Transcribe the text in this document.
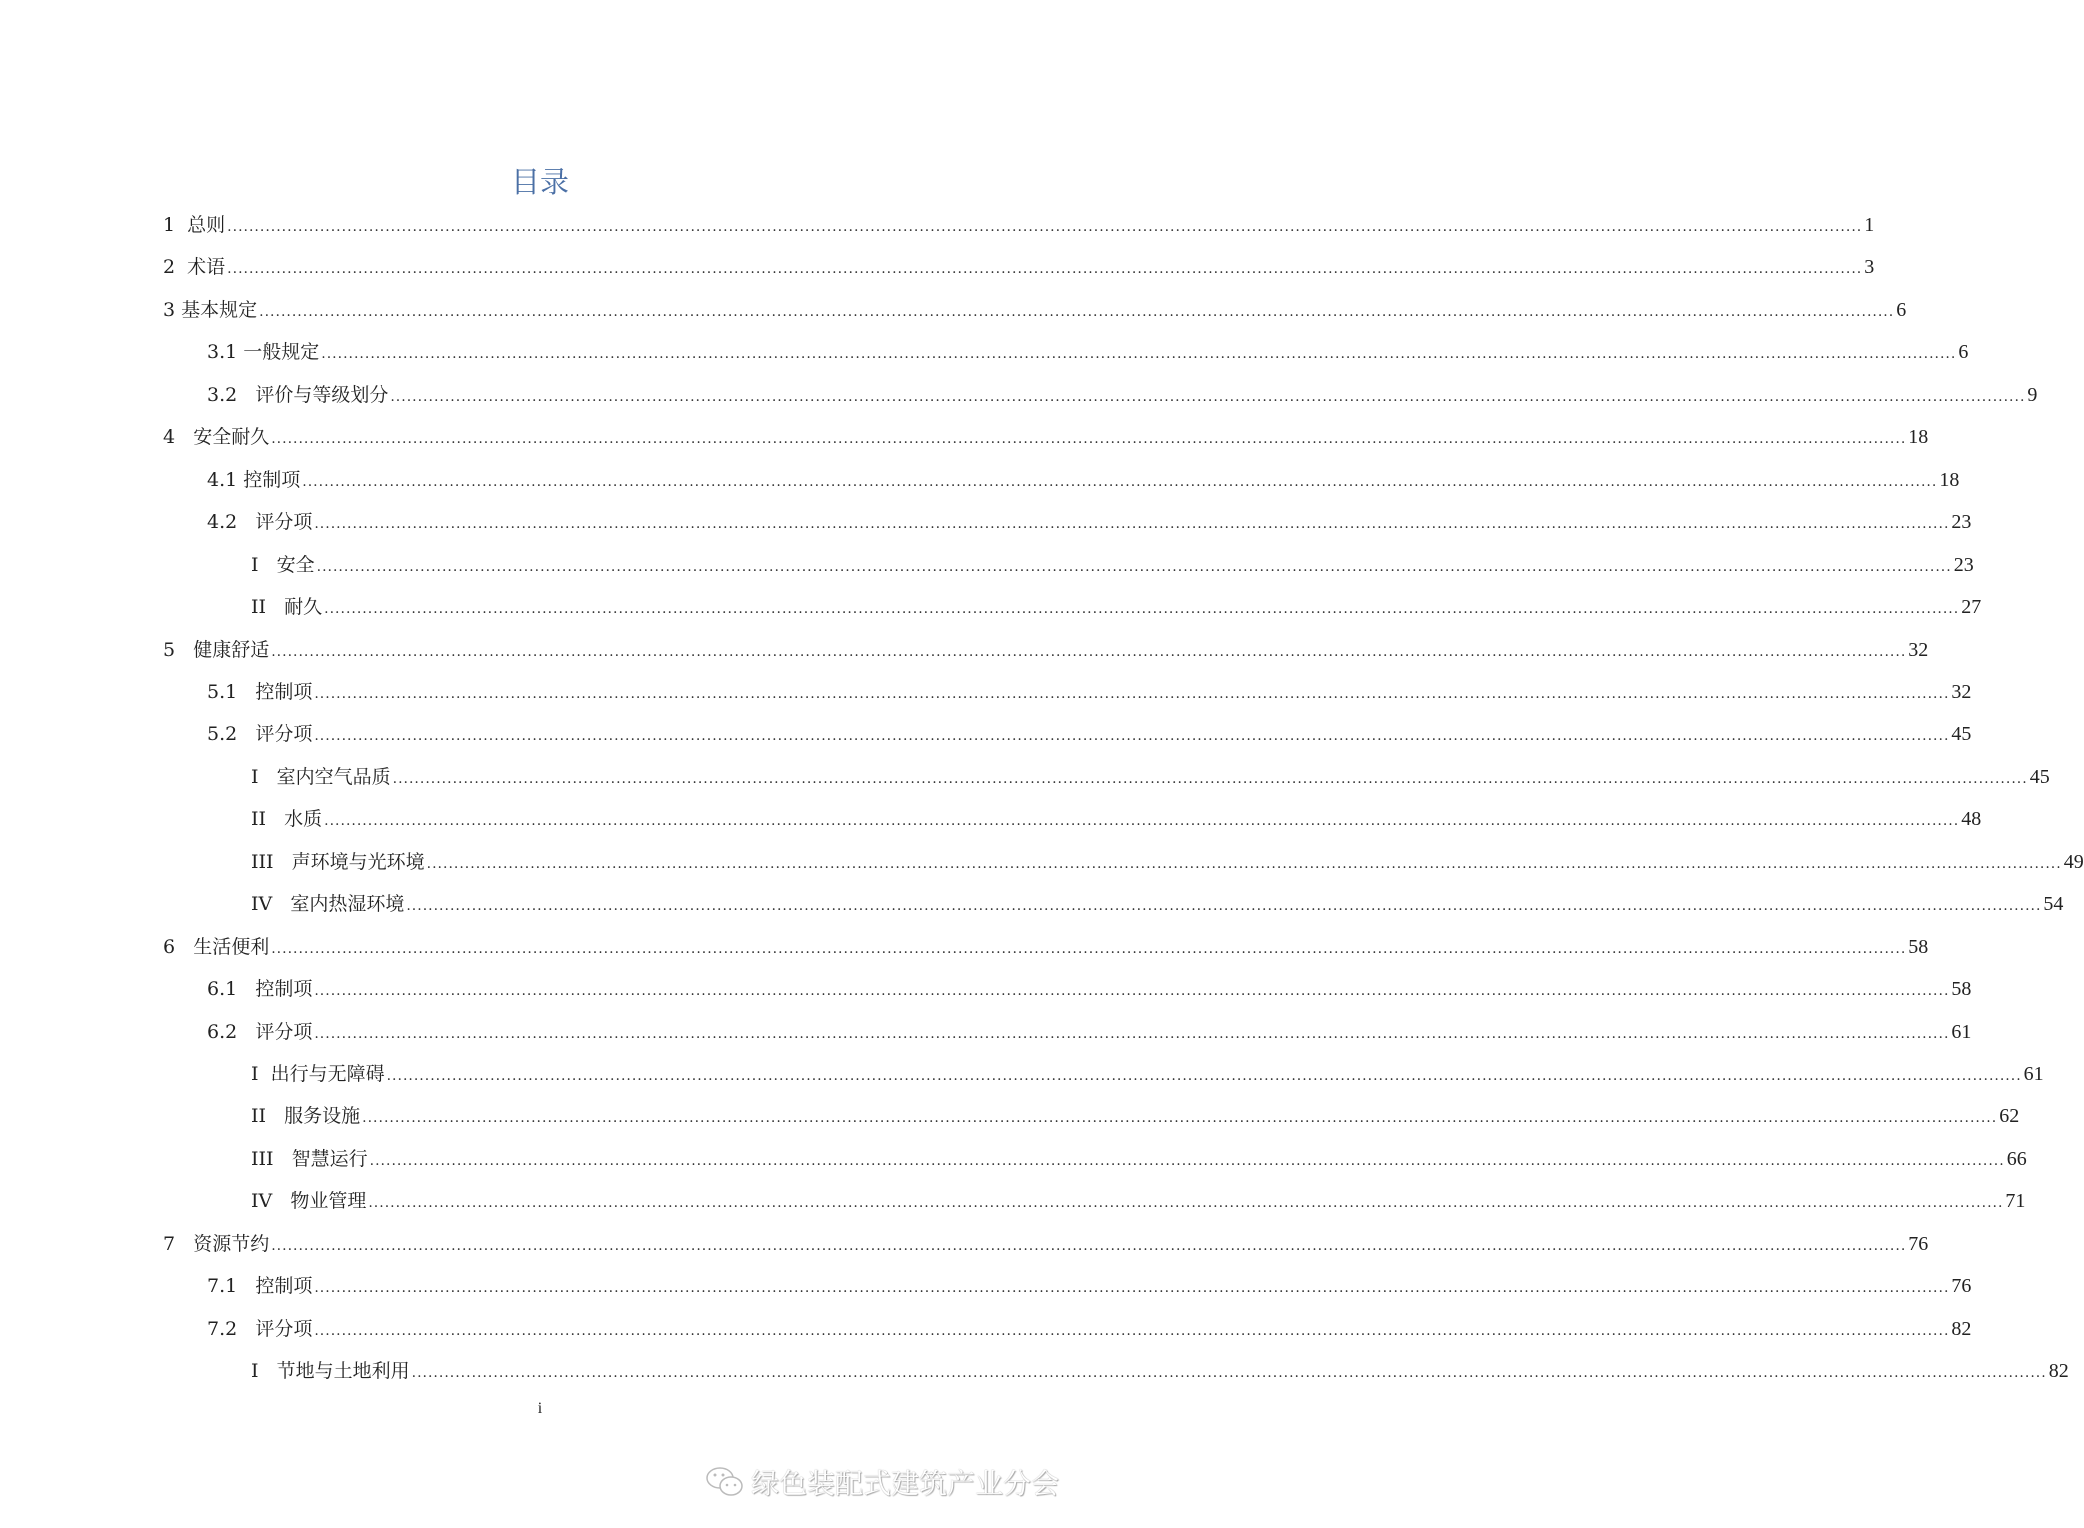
目录
1  总则 ............................................................................................................................................................................................................................................................................................................ 1
2  术语 ............................................................................................................................................................................................................................................................................................................ 3
3 基本规定 ............................................................................................................................................................................................................................................................................................................ 6
3.1 一般规定 ............................................................................................................................................................................................................................................................................................................ 6
3.2   评价与等级划分 ............................................................................................................................................................................................................................................................................................................ 9
4   安全耐久 ............................................................................................................................................................................................................................................................................................................ 18
4.1 控制项 ............................................................................................................................................................................................................................................................................................................ 18
4.2   评分项 ............................................................................................................................................................................................................................................................................................................ 23
I   安全 ............................................................................................................................................................................................................................................................................................................ 23
II   耐久 ............................................................................................................................................................................................................................................................................................................ 27
5   健康舒适 ............................................................................................................................................................................................................................................................................................................ 32
5.1   控制项 ............................................................................................................................................................................................................................................................................................................ 32
5.2   评分项 ............................................................................................................................................................................................................................................................................................................ 45
I   室内空气品质 ............................................................................................................................................................................................................................................................................................................ 45
II   水质 ............................................................................................................................................................................................................................................................................................................ 48
III   声环境与光环境 ............................................................................................................................................................................................................................................................................................................ 49
IV   室内热湿环境 ............................................................................................................................................................................................................................................................................................................ 54
6   生活便利 ............................................................................................................................................................................................................................................................................................................ 58
6.1   控制项 ............................................................................................................................................................................................................................................................................................................ 58
6.2   评分项 ............................................................................................................................................................................................................................................................................................................ 61
I  出行与无障碍 ............................................................................................................................................................................................................................................................................................................ 61
II   服务设施 ............................................................................................................................................................................................................................................................................................................ 62
III   智慧运行 ............................................................................................................................................................................................................................................................................................................ 66
IV   物业管理 ............................................................................................................................................................................................................................................................................................................ 71
7   资源节约 ............................................................................................................................................................................................................................................................................................................ 76
7.1   控制项 ............................................................................................................................................................................................................................................................................................................ 76
7.2   评分项 ............................................................................................................................................................................................................................................................................................................ 82
I   节地与土地利用 ............................................................................................................................................................................................................................................................................................................ 82
i
绿色装配式建筑产业分会
